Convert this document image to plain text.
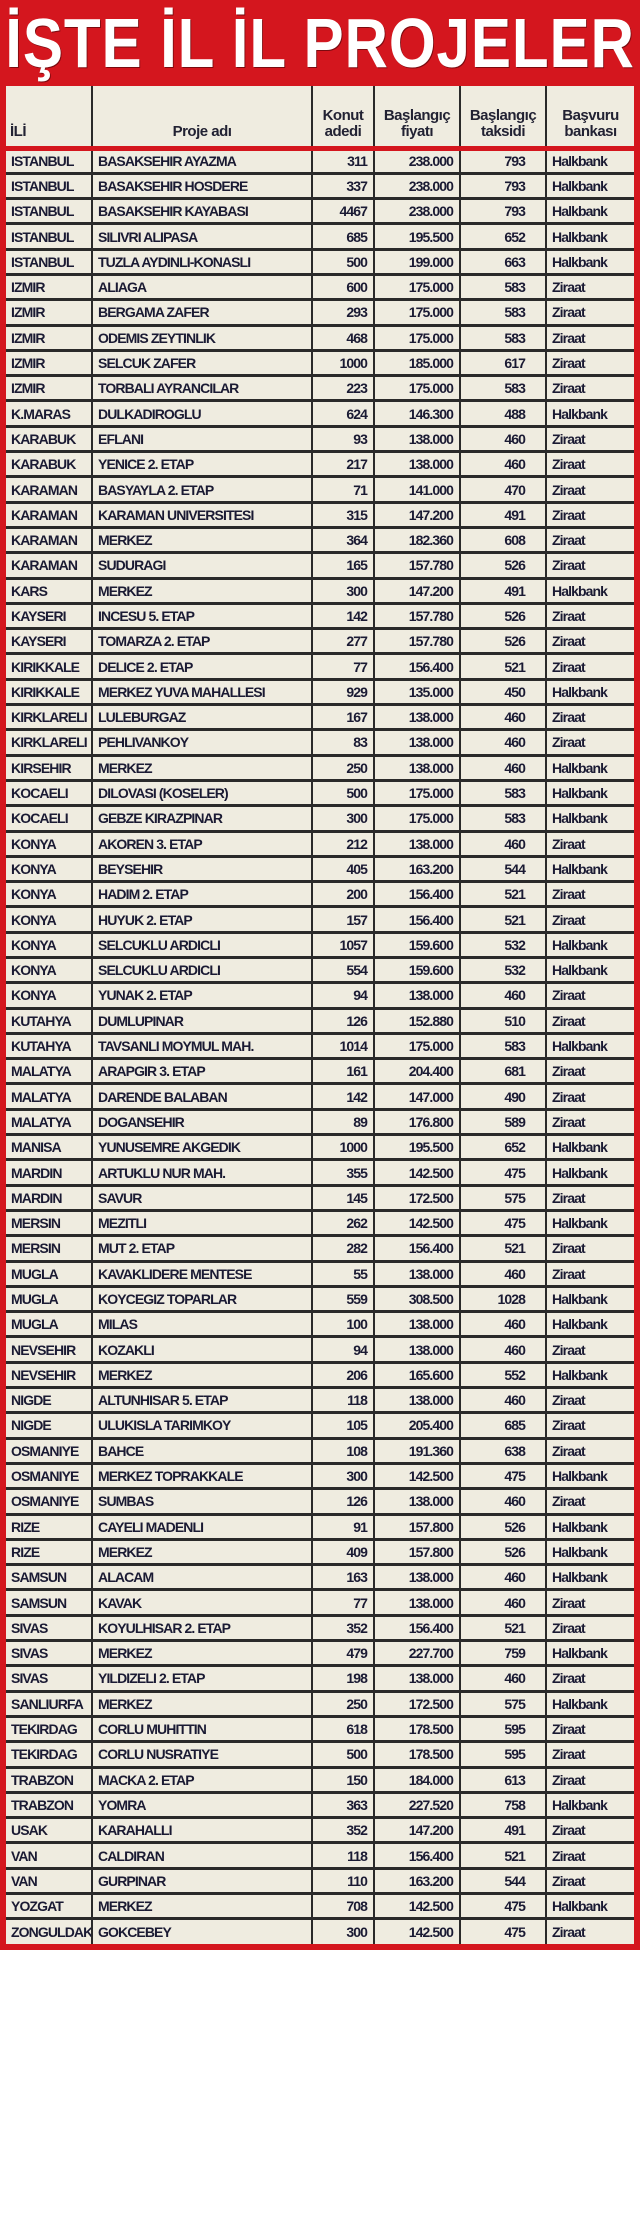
İŞTE İL İL PROJELER
İLİ	Proje adı	Konut adedi	Başlangıç fiyatı	Başlangıç taksidi	Başvuru bankası
ISTANBUL	BASAKSEHIR AYAZMA	311	238.000	793	Halkbank
ISTANBUL	BASAKSEHIR HOSDERE	337	238.000	793	Halkbank
ISTANBUL	BASAKSEHIR KAYABASI	4467	238.000	793	Halkbank
ISTANBUL	SILIVRI ALIPASA	685	195.500	652	Halkbank
ISTANBUL	TUZLA AYDINLI-KONASLI	500	199.000	663	Halkbank
IZMIR	ALIAGA	600	175.000	583	Ziraat
IZMIR	BERGAMA ZAFER	293	175.000	583	Ziraat
IZMIR	ODEMIS ZEYTINLIK	468	175.000	583	Ziraat
IZMIR	SELCUK ZAFER	1000	185.000	617	Ziraat
IZMIR	TORBALI AYRANCILAR	223	175.000	583	Ziraat
K.MARAS	DULKADIROGLU	624	146.300	488	Halkbank
KARABUK	EFLANI	93	138.000	460	Ziraat
KARABUK	YENICE 2. ETAP	217	138.000	460	Ziraat
KARAMAN	BASYAYLA 2. ETAP	71	141.000	470	Ziraat
KARAMAN	KARAMAN UNIVERSITESI	315	147.200	491	Ziraat
KARAMAN	MERKEZ	364	182.360	608	Ziraat
KARAMAN	SUDURAGI	165	157.780	526	Ziraat
KARS	MERKEZ	300	147.200	491	Halkbank
KAYSERI	INCESU 5. ETAP	142	157.780	526	Ziraat
KAYSERI	TOMARZA 2. ETAP	277	157.780	526	Ziraat
KIRIKKALE	DELICE 2. ETAP	77	156.400	521	Ziraat
KIRIKKALE	MERKEZ YUVA MAHALLESI	929	135.000	450	Halkbank
KIRKLARELI	LULEBURGAZ	167	138.000	460	Ziraat
KIRKLARELI	PEHLIVANKOY	83	138.000	460	Ziraat
KIRSEHIR	MERKEZ	250	138.000	460	Halkbank
KOCAELI	DILOVASI (KOSELER)	500	175.000	583	Halkbank
KOCAELI	GEBZE KIRAZPINAR	300	175.000	583	Halkbank
KONYA	AKOREN 3. ETAP	212	138.000	460	Ziraat
KONYA	BEYSEHIR	405	163.200	544	Halkbank
KONYA	HADIM 2. ETAP	200	156.400	521	Ziraat
KONYA	HUYUK 2. ETAP	157	156.400	521	Ziraat
KONYA	SELCUKLU ARDICLI	1057	159.600	532	Halkbank
KONYA	SELCUKLU ARDICLI	554	159.600	532	Halkbank
KONYA	YUNAK 2. ETAP	94	138.000	460	Ziraat
KUTAHYA	DUMLUPINAR	126	152.880	510	Ziraat
KUTAHYA	TAVSANLI MOYMUL MAH.	1014	175.000	583	Halkbank
MALATYA	ARAPGIR 3. ETAP	161	204.400	681	Ziraat
MALATYA	DARENDE BALABAN	142	147.000	490	Ziraat
MALATYA	DOGANSEHIR	89	176.800	589	Ziraat
MANISA	YUNUSEMRE AKGEDIK	1000	195.500	652	Halkbank
MARDIN	ARTUKLU NUR MAH.	355	142.500	475	Halkbank
MARDIN	SAVUR	145	172.500	575	Ziraat
MERSIN	MEZITLI	262	142.500	475	Halkbank
MERSIN	MUT 2. ETAP	282	156.400	521	Ziraat
MUGLA	KAVAKLIDERE MENTESE	55	138.000	460	Ziraat
MUGLA	KOYCEGIZ TOPARLAR	559	308.500	1028	Halkbank
MUGLA	MILAS	100	138.000	460	Halkbank
NEVSEHIR	KOZAKLI	94	138.000	460	Ziraat
NEVSEHIR	MERKEZ	206	165.600	552	Halkbank
NIGDE	ALTUNHISAR 5. ETAP	118	138.000	460	Ziraat
NIGDE	ULUKISLA TARIMKOY	105	205.400	685	Ziraat
OSMANIYE	BAHCE	108	191.360	638	Ziraat
OSMANIYE	MERKEZ TOPRAKKALE	300	142.500	475	Halkbank
OSMANIYE	SUMBAS	126	138.000	460	Ziraat
RIZE	CAYELI MADENLI	91	157.800	526	Halkbank
RIZE	MERKEZ	409	157.800	526	Halkbank
SAMSUN	ALACAM	163	138.000	460	Halkbank
SAMSUN	KAVAK	77	138.000	460	Ziraat
SIVAS	KOYULHISAR 2. ETAP	352	156.400	521	Ziraat
SIVAS	MERKEZ	479	227.700	759	Halkbank
SIVAS	YILDIZELI 2. ETAP	198	138.000	460	Ziraat
SANLIURFA	MERKEZ	250	172.500	575	Halkbank
TEKIRDAG	CORLU MUHITTIN	618	178.500	595	Ziraat
TEKIRDAG	CORLU NUSRATIYE	500	178.500	595	Ziraat
TRABZON	MACKA 2. ETAP	150	184.000	613	Ziraat
TRABZON	YOMRA	363	227.520	758	Halkbank
USAK	KARAHALLI	352	147.200	491	Ziraat
VAN	CALDIRAN	118	156.400	521	Ziraat
VAN	GURPINAR	110	163.200	544	Ziraat
YOZGAT	MERKEZ	708	142.500	475	Halkbank
ZONGULDAK	GOKCEBEY	300	142.500	475	Ziraat
